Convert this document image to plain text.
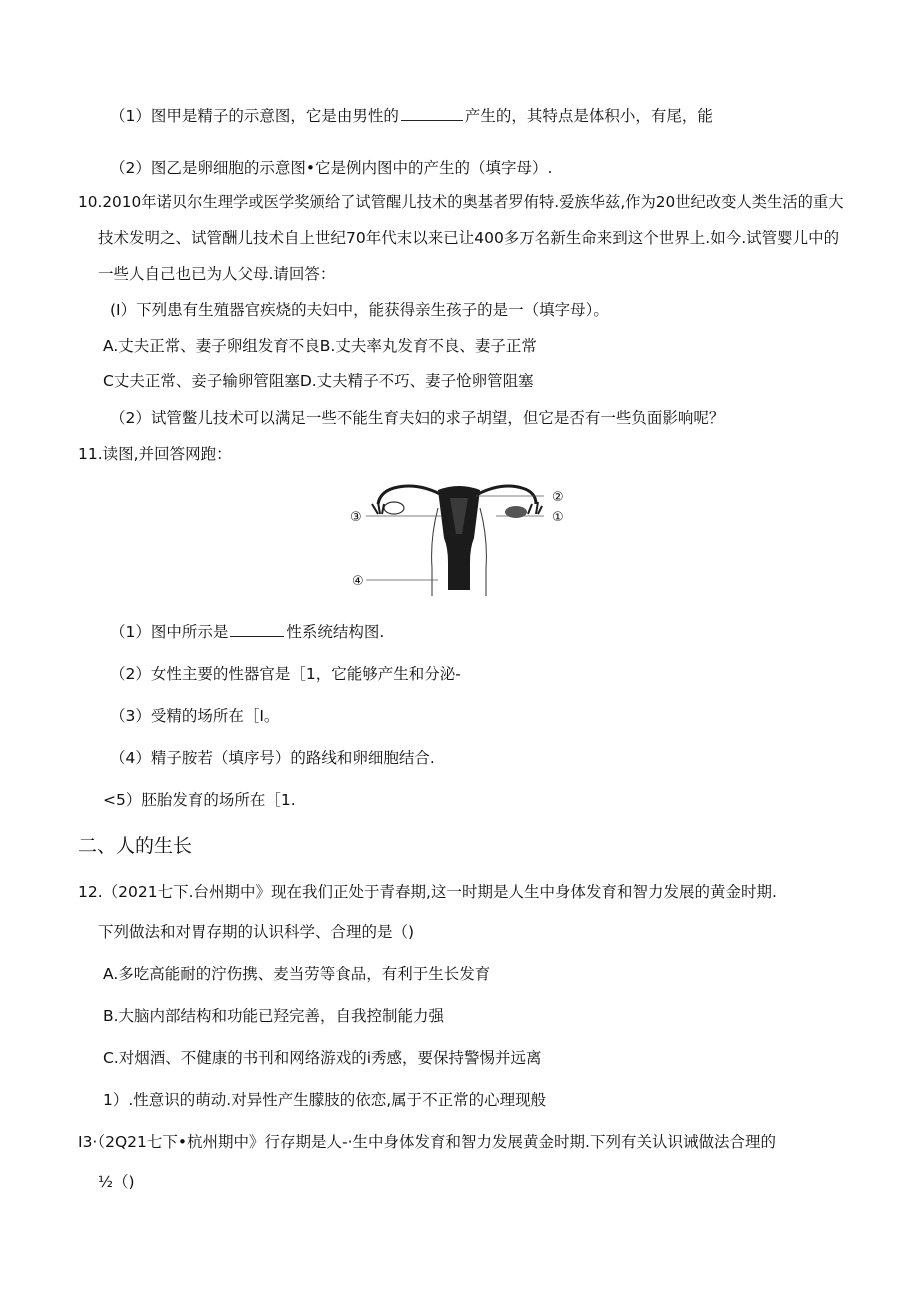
（1）图甲是精子的示意图，它是由男性的	产生的，其特点是体积小，有尾，能
（2）图乙是卵细胞的示意图•它是例内图中的产生的（填字母）.
10.2010年诺贝尔生理学或医学奖颁给了试管醒儿技术的奥基者罗侑特.爱族华兹,作为20世纪改变人类生活的重大
技术发明之、试管酬儿技术自上世纪70年代末以来已让400多万名新生命来到这个世界上.如今.试管婴儿中的
一些人自己也已为人父母.请回答：
(I）下列患有生殖器官疾烧的夫妇中，能获得亲生孩子的是一（填字母）。
A.丈夫正常、妻子卵组发育不良B.丈夫率丸发育不良、妻子正常
C丈夫正常、妾子输卵管阻塞D.丈夫精子不巧、妻子怆卵管阻塞
（2）试管鳖儿技术可以满足一些不能生育夫妇的求子胡望，但它是否有一些负面影响呢？
11.读图,并回答网跑：
①
②
③
④
（1）图中所示是	性系统结构图.
（2）女性主要的性器官是［1，它能够产生和分泌-
（3）受精的场所在［I。
（4）精子胺若（填序号）的路线和卵细胞结合.
<5）胚胎发育的场所在［1.
二、人的生长
12.（2021七下.台州期中》现在我们正处于青春期,这一时期是人生中身体发育和智力发展的黄金时期.
下列做法和对胃存期的认识科学、合理的是（)
A.多吃高能耐的泞伤携、麦当劳等食品，有利于生长发育
B.大脑内部结构和功能已羟完善，自我控制能力强
C.对烟酒、不健康的书刊和网络游戏的i秀感，要保持警惕并远离
1）.性意识的萌动.对异性产生朦肢的依恋,属于不正常的心理现般
I3·（2Q21七下•杭州期中》行存期是人-·生中身体发育和智力发展黄金时期.下列有关认识诫做法合理的
½（)
